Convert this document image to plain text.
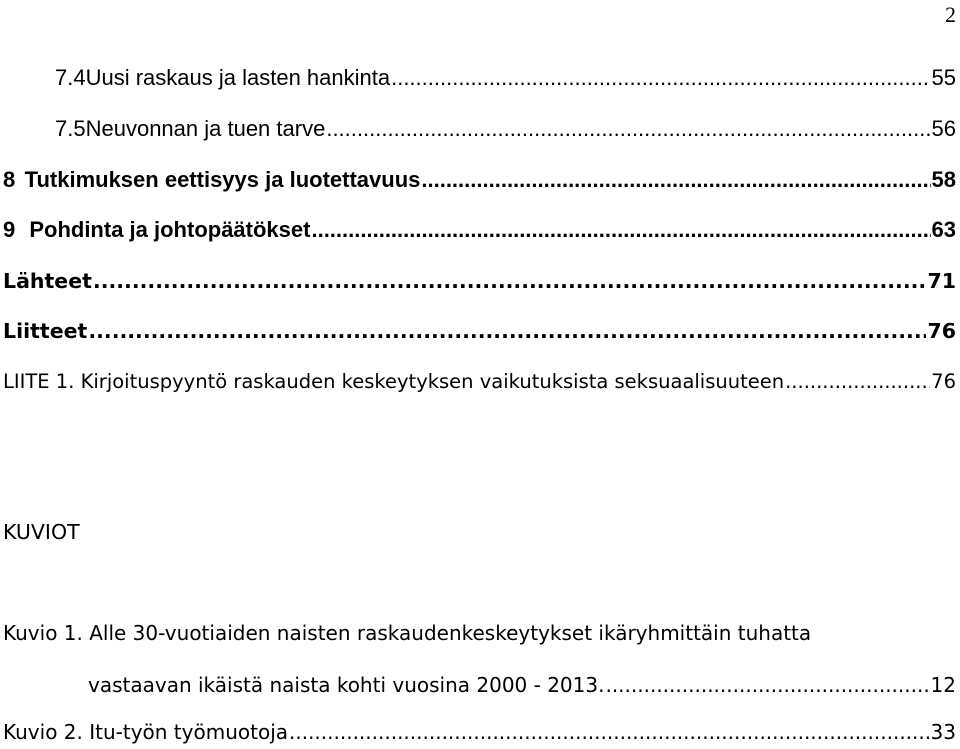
2
7.4 Uusi raskaus ja lasten hankinta .....	55
7.5 Neuvonnan ja tuen tarve .....	56
8 Tutkimuksen eettisyys ja luotettavuus .....	58
9 Pohdinta ja johtopäätökset .....	63
Lähteet .....	71
Liitteet .....	76
LIITE 1. Kirjoituspyyntö raskauden keskeytyksen vaikutuksista seksuaalisuuteen .....	76
KUVIOT
Kuvio 1. Alle 30-vuotiaiden naisten raskaudenkeskeytykset ikäryhmittäin tuhatta
vastaavan ikäistä naista kohti vuosina 2000 - 2013. .....	12
Kuvio 2. Itu-työn työmuotoja .....	33
